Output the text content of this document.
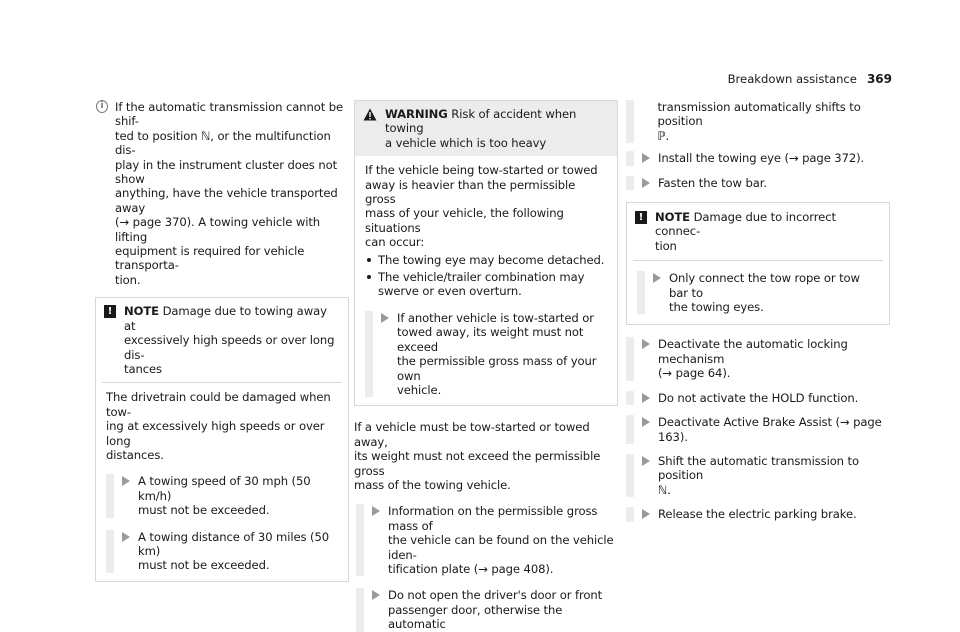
Breakdown assistance 369
i If the automatic transmission cannot be shif-
ted to position ℕ, or the multifunction dis-
play in the instrument cluster does not show
anything, have the vehicle transported away
(→ page 370). A towing vehicle with lifting
equipment is required for vehicle transporta-
tion.
!	NOTE Damage due to towing away at
excessively high speeds or over long dis-
tances
The drivetrain could be damaged when tow-
ing at excessively high speeds or over long
distances.
A towing speed of 30 mph (50 km/h)
must not be exceeded.
A towing distance of 30 miles (50 km)
must not be exceeded.
WARNING Risk of accident when towing
a vehicle which is too heavy
If the vehicle being tow-started or towed
away is heavier than the permissible gross
mass of your vehicle, the following situations
can occur:
The towing eye may become detached.
The vehicle/trailer combination may
swerve or even overturn.
If another vehicle is tow-started or
towed away, its weight must not exceed
the permissible gross mass of your own
vehicle.
If a vehicle must be tow-started or towed away,
its weight must not exceed the permissible gross
mass of the towing vehicle.
Information on the permissible gross mass of
the vehicle can be found on the vehicle iden-
tification plate (→ page 408).
Do not open the driver's door or front
passenger door, otherwise the automatic
transmission automatically shifts to position
ℙ.
Install the towing eye (→ page 372).
Fasten the tow bar.
!	NOTE Damage due to incorrect connec-
tion
Only connect the tow rope or tow bar to
the towing eyes.
Deactivate the automatic locking mechanism
(→ page 64).
Do not activate the HOLD function.
Deactivate Active Brake Assist (→ page 163).
Shift the automatic transmission to position
ℕ.
Release the electric parking brake.
